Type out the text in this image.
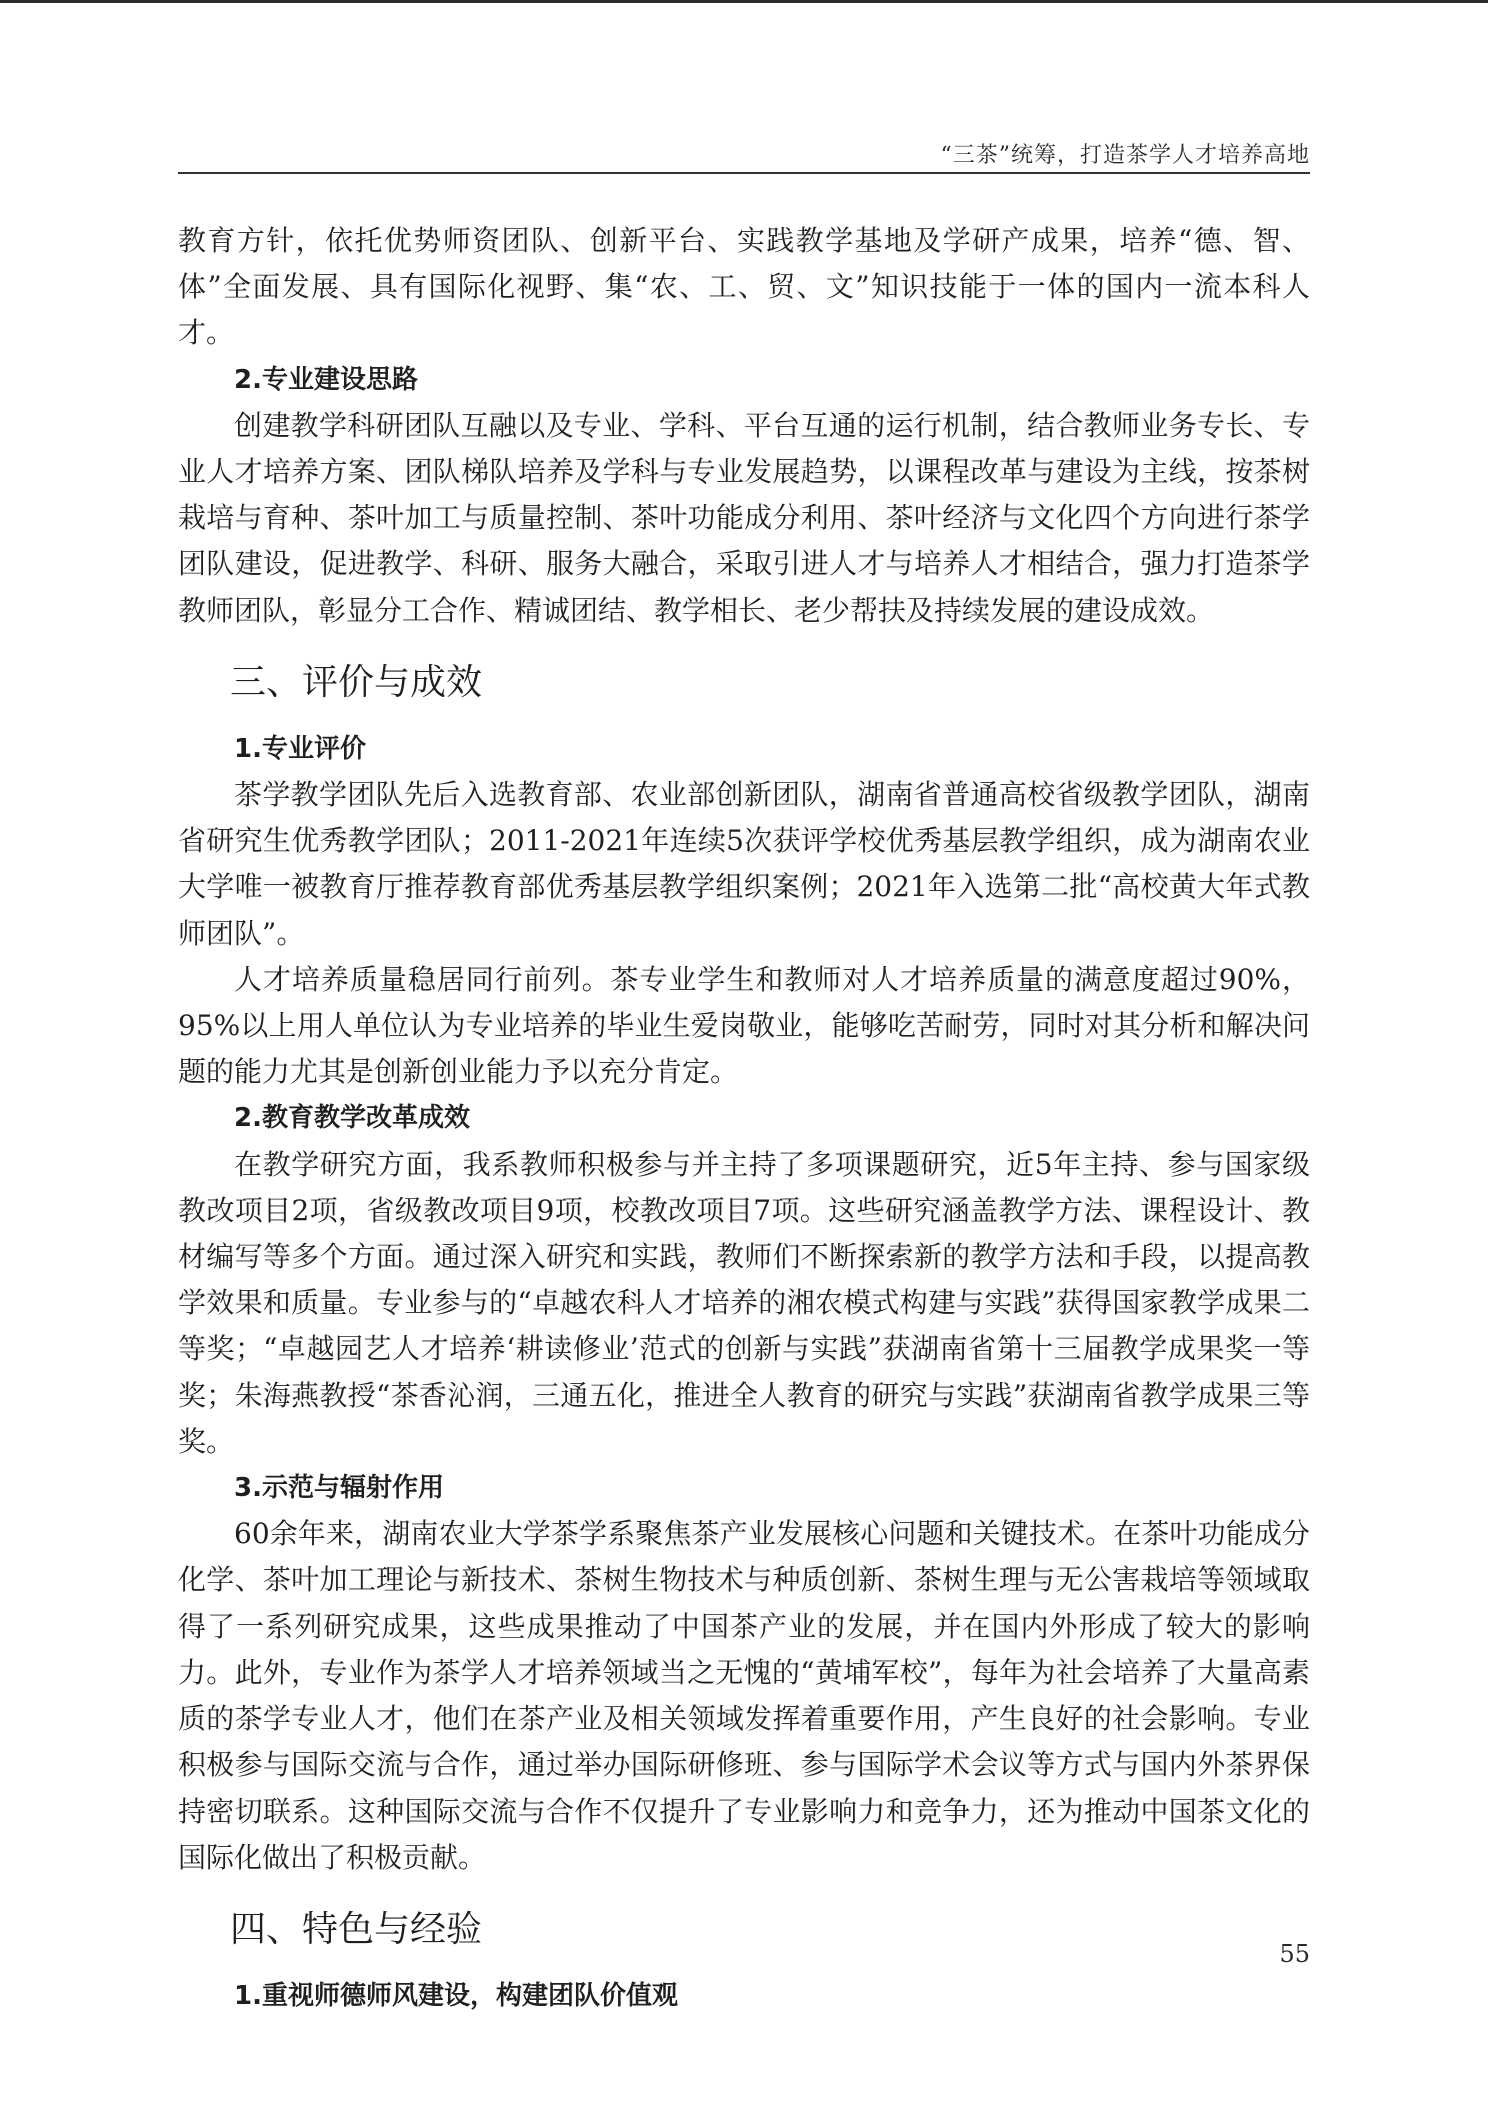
“三茶”统筹，打造茶学人才培养高地

教育方针，依托优势师资团队、创新平台、实践教学基地及学研产成果，培养“德、智、体”全面发展、具有国际化视野、集“农、工、贸、文”知识技能于一体的国内一流本科人才。

2.专业建设思路

创建教学科研团队互融以及专业、学科、平台互通的运行机制，结合教师业务专长、专业人才培养方案、团队梯队培养及学科与专业发展趋势，以课程改革与建设为主线，按茶树栽培与育种、茶叶加工与质量控制、茶叶功能成分利用、茶叶经济与文化四个方向进行茶学团队建设，促进教学、科研、服务大融合，采取引进人才与培养人才相结合，强力打造茶学教师团队，彰显分工合作、精诚团结、教学相长、老少帮扶及持续发展的建设成效。

三、评价与成效

1.专业评价

茶学教学团队先后入选教育部、农业部创新团队，湖南省普通高校省级教学团队，湖南省研究生优秀教学团队；2011-2021年连续5次获评学校优秀基层教学组织，成为湖南农业大学唯一被教育厅推荐教育部优秀基层教学组织案例；2021年入选第二批“高校黄大年式教师团队”。

人才培养质量稳居同行前列。茶专业学生和教师对人才培养质量的满意度超过90%，95%以上用人单位认为专业培养的毕业生爱岗敬业，能够吃苦耐劳，同时对其分析和解决问题的能力尤其是创新创业能力予以充分肯定。

2.教育教学改革成效

在教学研究方面，我系教师积极参与并主持了多项课题研究，近5年主持、参与国家级教改项目2项，省级教改项目9项，校教改项目7项。这些研究涵盖教学方法、课程设计、教材编写等多个方面。通过深入研究和实践，教师们不断探索新的教学方法和手段，以提高教学效果和质量。专业参与的“卓越农科人才培养的湘农模式构建与实践”获得国家教学成果二等奖；“卓越园艺人才培养‘耕读修业’范式的创新与实践”获湖南省第十三届教学成果奖一等奖；朱海燕教授“茶香沁润，三通五化，推进全人教育的研究与实践”获湖南省教学成果三等奖。

3.示范与辐射作用

60余年来，湖南农业大学茶学系聚焦茶产业发展核心问题和关键技术。在茶叶功能成分化学、茶叶加工理论与新技术、茶树生物技术与种质创新、茶树生理与无公害栽培等领域取得了一系列研究成果，这些成果推动了中国茶产业的发展，并在国内外形成了较大的影响力。此外，专业作为茶学人才培养领域当之无愧的“黄埔军校”，每年为社会培养了大量高素质的茶学专业人才，他们在茶产业及相关领域发挥着重要作用，产生良好的社会影响。专业积极参与国际交流与合作，通过举办国际研修班、参与国际学术会议等方式与国内外茶界保持密切联系。这种国际交流与合作不仅提升了专业影响力和竞争力，还为推动中国茶文化的国际化做出了积极贡献。

四、特色与经验

1.重视师德师风建设，构建团队价值观

55
